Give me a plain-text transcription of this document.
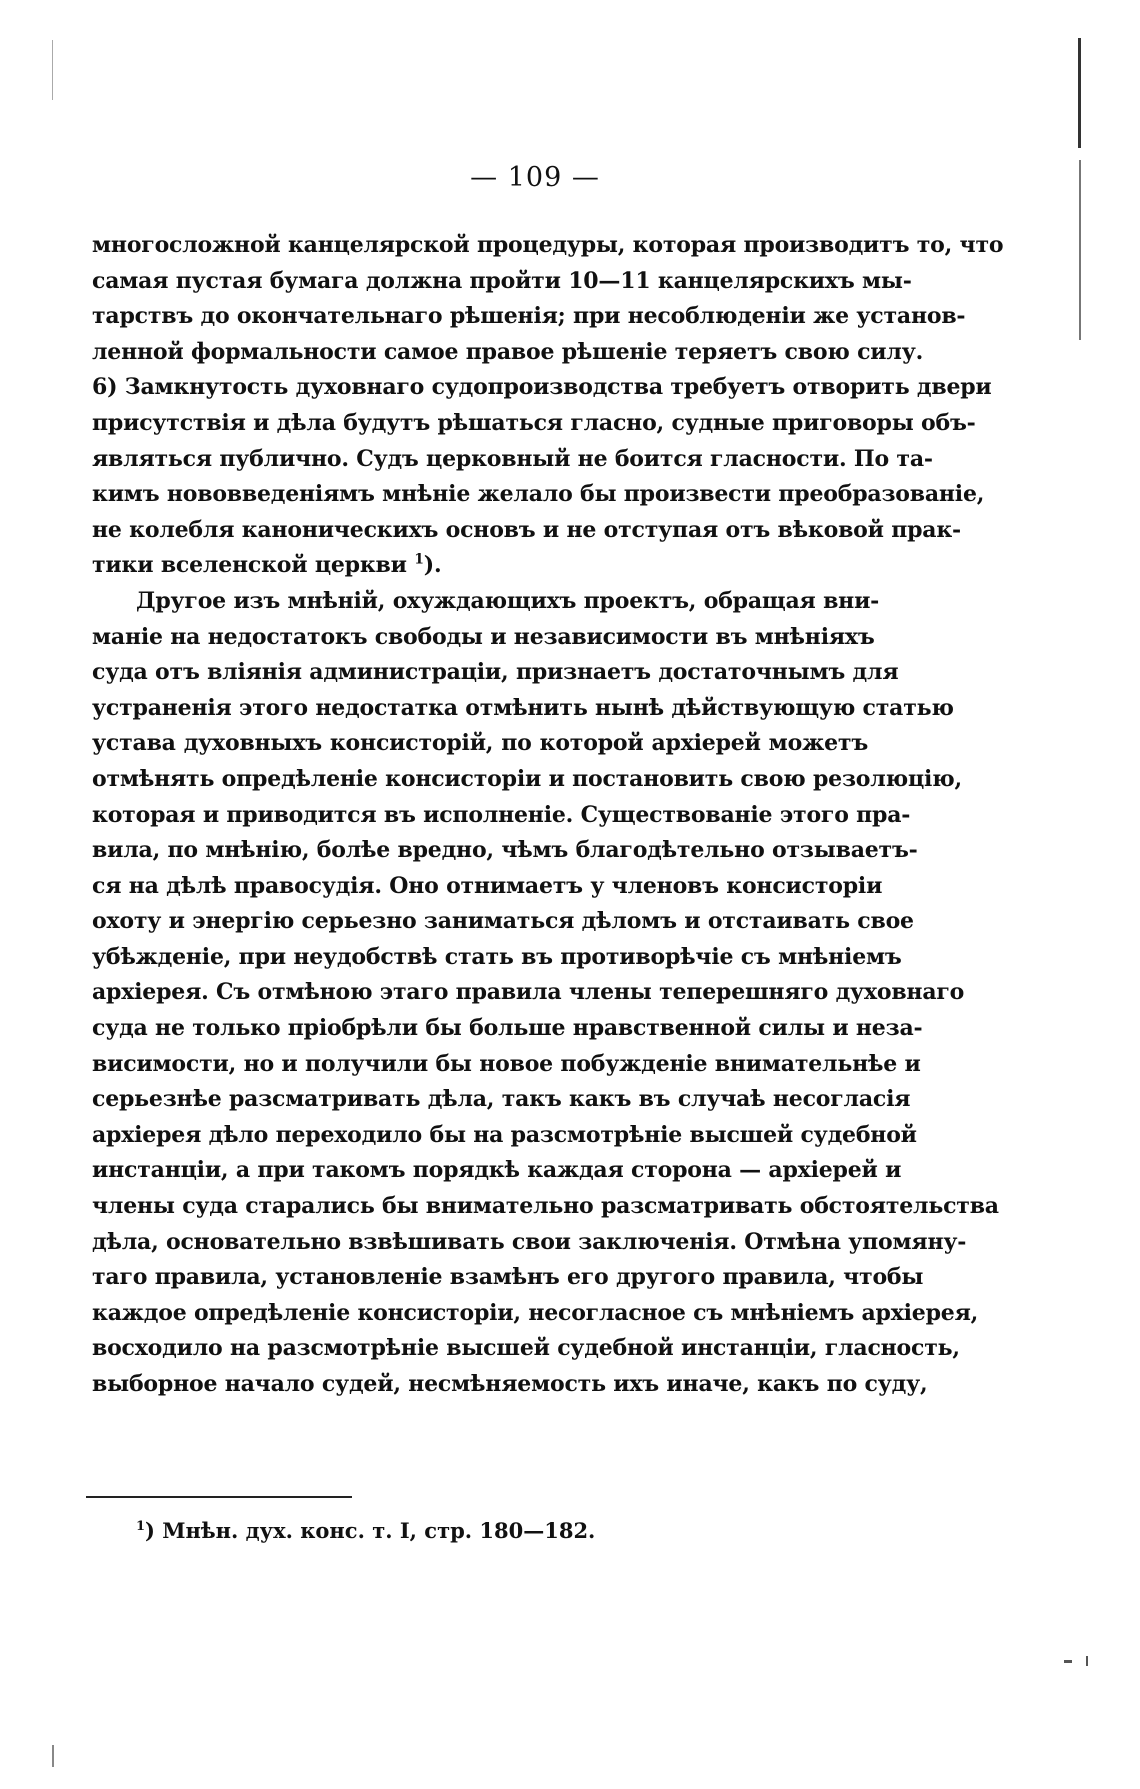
— 109 —
многосложной канцелярской процедуры, которая производитъ то, что
самая пустая бумага должна пройти 10—11 канцелярскихъ мы-
тарствъ до окончательнаго рѣшенія; при несоблюденіи же установ-
ленной формальности самое правое рѣшеніе теряетъ свою силу.
6) Замкнутость духовнаго судопроизводства требуетъ отворить двери
присутствія и дѣла будутъ рѣшаться гласно, судные приговоры объ-
являться публично. Судъ церковный не боится гласности. По та-
кимъ нововведеніямъ мнѣніе желало бы произвести преобразованіе,
не колебля каноническихъ основъ и не отступая отъ вѣковой прак-
тики вселенской церкви $^1$).
Другое изъ мнѣній, охуждающихъ проектъ, обращая вни-
маніе на недостатокъ свободы и независимости въ мнѣніяхъ
суда отъ вліянія администраціи, признаетъ достаточнымъ для
устраненія этого недостатка отмѣнить нынѣ дѣйствующую статью
устава духовныхъ консисторій, по которой архіерей можетъ
отмѣнять опредѣленіе консисторіи и постановить свою резолюцію,
которая и приводится въ исполненіе. Существованіе этого пра-
вила, по мнѣнію, болѣе вредно, чѣмъ благодѣтельно отзываетъ-
ся на дѣлѣ правосудія. Оно отнимаетъ у членовъ консисторіи
охоту и энергію серьезно заниматься дѣломъ и отстаивать свое
убѣжденіе, при неудобствѣ стать въ противорѣчіе съ мнѣніемъ
архіерея. Съ отмѣною этаго правила члены теперешняго духовнаго
суда не только пріобрѣли бы больше нравственной силы и неза-
висимости, но и получили бы новое побужденіе внимательнѣе и
серьезнѣе разсматривать дѣла, такъ какъ въ случаѣ несогласія
архіерея дѣло переходило бы на разсмотрѣніе высшей судебной
инстанціи, а при такомъ порядкѣ каждая сторона — архіерей и
члены суда старались бы внимательно разсматривать обстоятельства
дѣла, основательно взвѣшивать свои заключенія. Отмѣна упомяну-
таго правила, установленіе взамѣнъ его другого правила, чтобы
каждое опредѣленіе консисторіи, несогласное съ мнѣніемъ архіерея,
восходило на разсмотрѣніе высшей судебной инстанціи, гласность,
выборное начало судей, несмѣняемость ихъ иначе, какъ по суду,
$^1$) Мнѣн. дух. конс. т. I, стр. 180—182.
